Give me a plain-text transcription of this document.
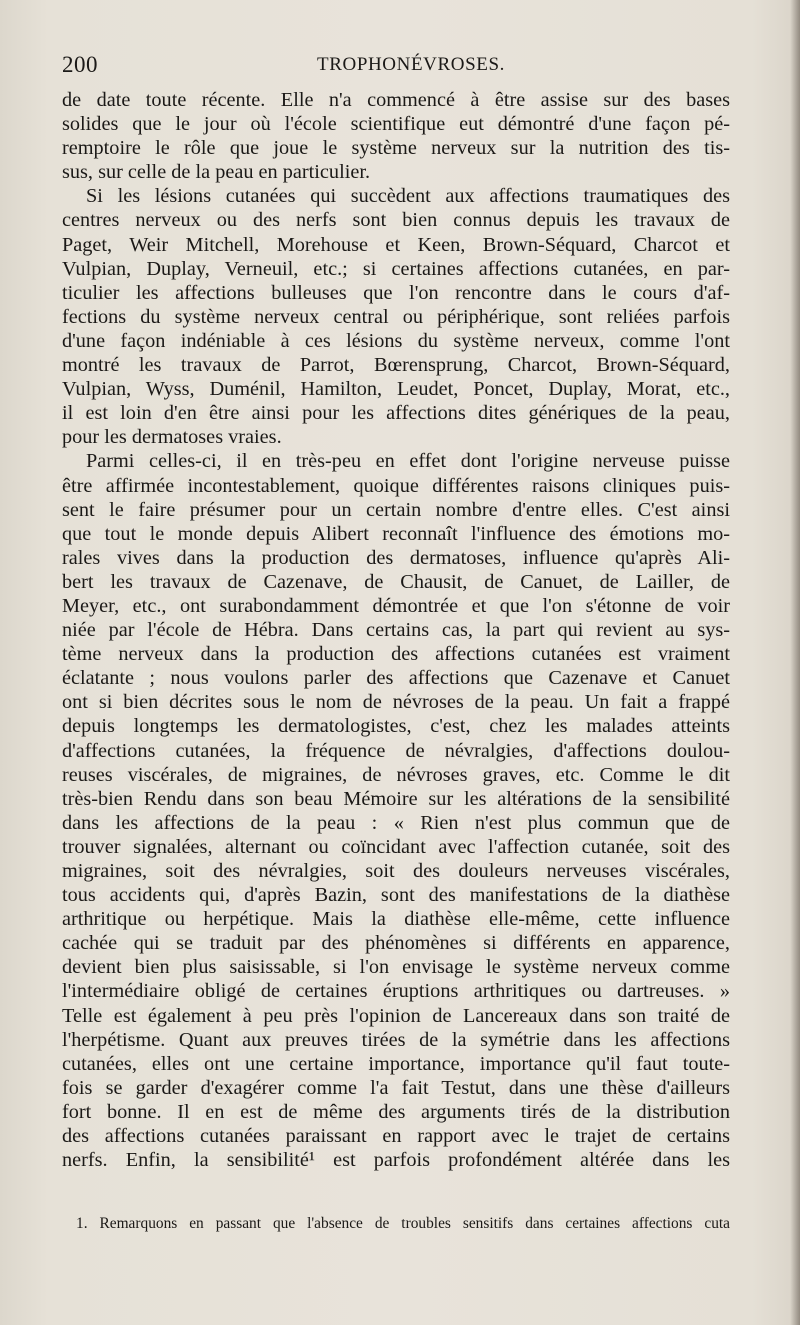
200	TROPHONÉVROSES.
de date toute récente. Elle n'a commencé à être assise sur des bases
solides que le jour où l'école scientifique eut démontré d'une façon pé-
remptoire le rôle que joue le système nerveux sur la nutrition des tis-
sus, sur celle de la peau en particulier.
Si les lésions cutanées qui succèdent aux affections traumatiques des
centres nerveux ou des nerfs sont bien connus depuis les travaux de
Paget, Weir Mitchell, Morehouse et Keen, Brown-Séquard, Charcot et
Vulpian, Duplay, Verneuil, etc.; si certaines affections cutanées, en par-
ticulier les affections bulleuses que l'on rencontre dans le cours d'af-
fections du système nerveux central ou périphérique, sont reliées parfois
d'une façon indéniable à ces lésions du système nerveux, comme l'ont
montré les travaux de Parrot, Bœrensprung, Charcot, Brown-Séquard,
Vulpian, Wyss, Duménil, Hamilton, Leudet, Poncet, Duplay, Morat, etc.,
il est loin d'en être ainsi pour les affections dites génériques de la peau,
pour les dermatoses vraies.
Parmi celles-ci, il en très-peu en effet dont l'origine nerveuse puisse
être affirmée incontestablement, quoique différentes raisons cliniques puis-
sent le faire présumer pour un certain nombre d'entre elles. C'est ainsi
que tout le monde depuis Alibert reconnaît l'influence des émotions mo-
rales vives dans la production des dermatoses, influence qu'après Ali-
bert les travaux de Cazenave, de Chausit, de Canuet, de Lailler, de
Meyer, etc., ont surabondamment démontrée et que l'on s'étonne de voir
niée par l'école de Hébra. Dans certains cas, la part qui revient au sys-
tème nerveux dans la production des affections cutanées est vraiment
éclatante ; nous voulons parler des affections que Cazenave et Canuet
ont si bien décrites sous le nom de névroses de la peau. Un fait a frappé
depuis longtemps les dermatologistes, c'est, chez les malades atteints
d'affections cutanées, la fréquence de névralgies, d'affections doulou-
reuses viscérales, de migraines, de névroses graves, etc. Comme le dit
très-bien Rendu dans son beau Mémoire sur les altérations de la sensibilité
dans les affections de la peau : « Rien n'est plus commun que de
trouver signalées, alternant ou coïncidant avec l'affection cutanée, soit des
migraines, soit des névralgies, soit des douleurs nerveuses viscérales,
tous accidents qui, d'après Bazin, sont des manifestations de la diathèse
arthritique ou herpétique. Mais la diathèse elle-même, cette influence
cachée qui se traduit par des phénomènes si différents en apparence,
devient bien plus saisissable, si l'on envisage le système nerveux comme
l'intermédiaire obligé de certaines éruptions arthritiques ou dartreuses. »
Telle est également à peu près l'opinion de Lancereaux dans son traité de
l'herpétisme. Quant aux preuves tirées de la symétrie dans les affections
cutanées, elles ont une certaine importance, importance qu'il faut toute-
fois se garder d'exagérer comme l'a fait Testut, dans une thèse d'ailleurs
fort bonne. Il en est de même des arguments tirés de la distribution
des affections cutanées paraissant en rapport avec le trajet de certains
nerfs. Enfin, la sensibilité¹ est parfois profondément altérée dans les
1. Remarquons en passant que l'absence de troubles sensitifs dans certaines affections cuta
